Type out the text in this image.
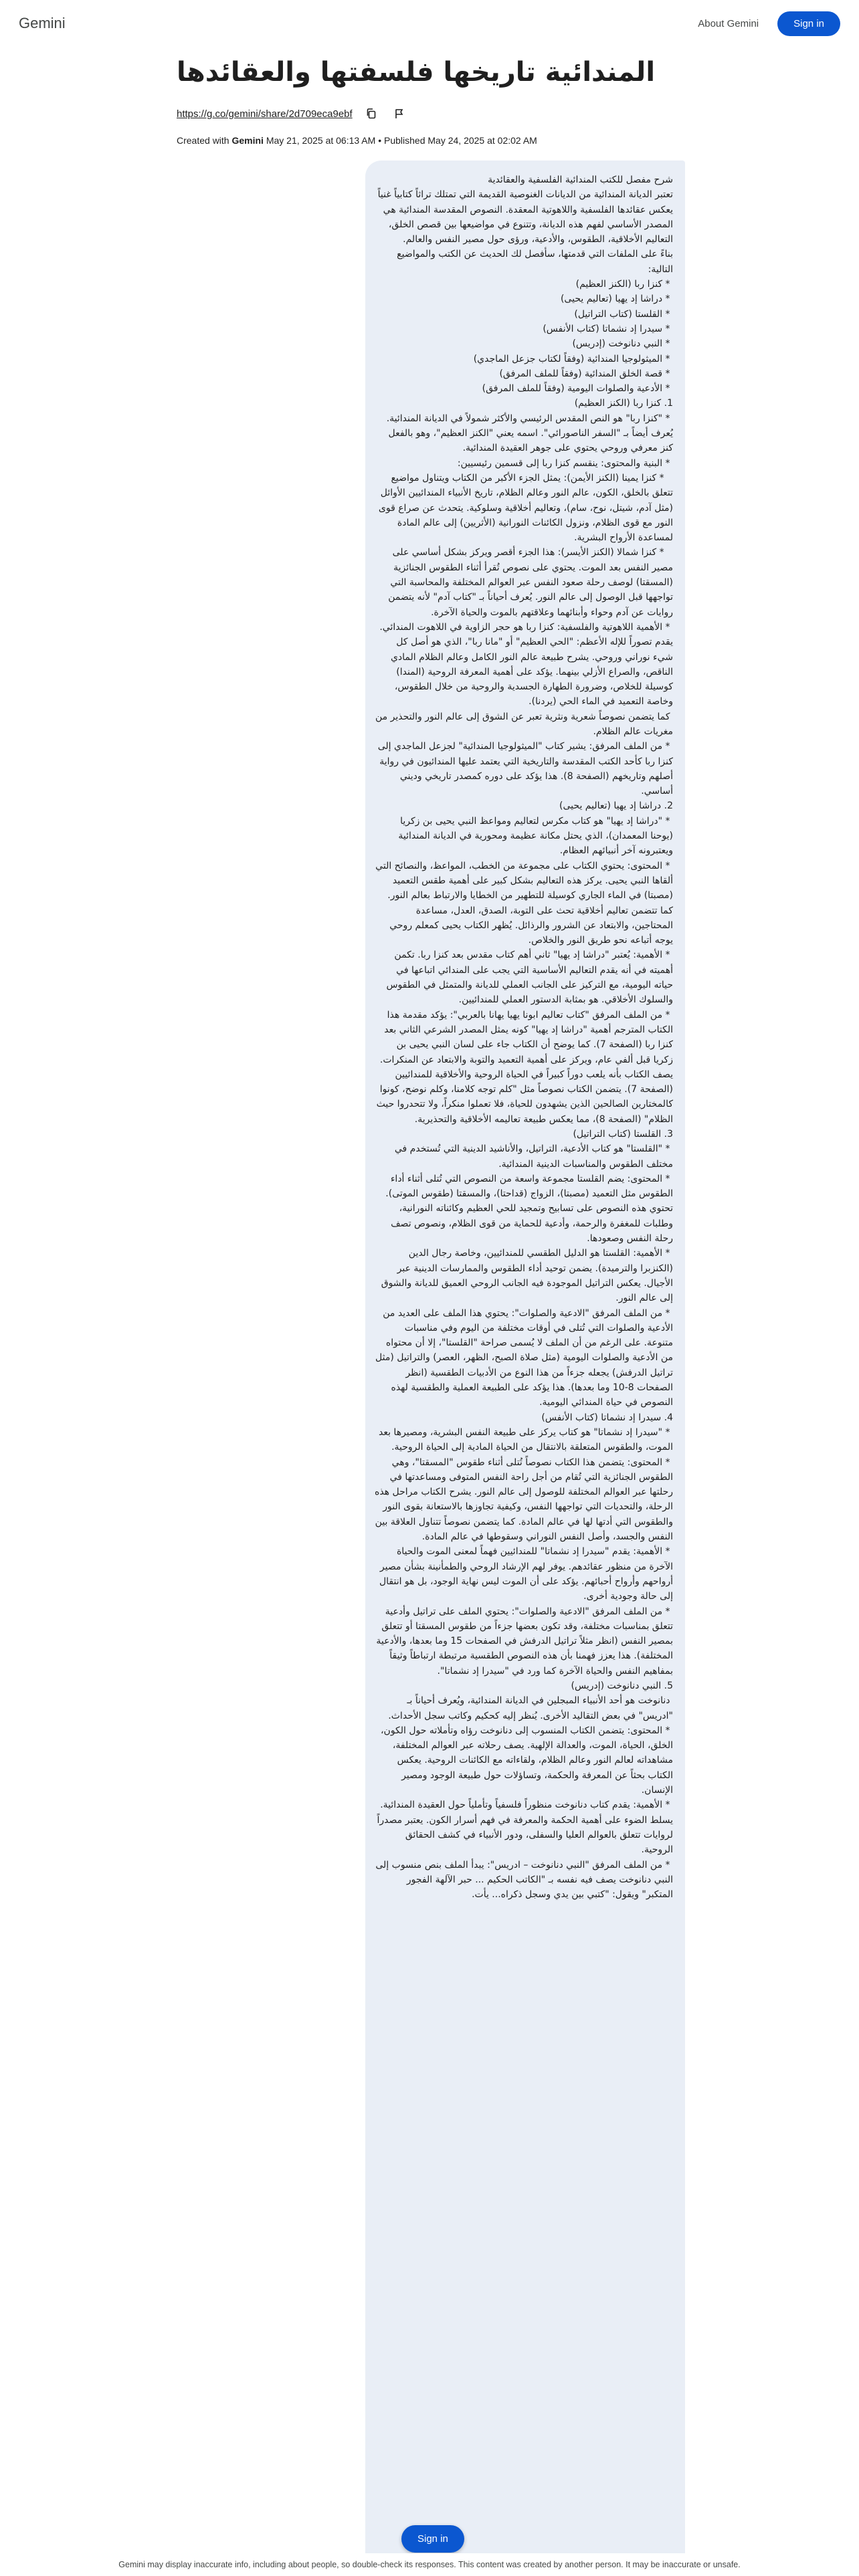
Gemini	About Gemini	Sign in
المندائية تاريخها فلسفتها والعقائدها
https://g.co/gemini/share/2d709eca9ebf
Created with Gemini May 21, 2025 at 06:13 AM • Published May 24, 2025 at 02:02 AM
شرح مفصل للكتب المندائية الفلسفية والعقائدية
تعتبر الديانة المندائية من الديانات الغنوصية القديمة التي تمتلك تراثاً كتابياً غنياً يعكس عقائدها الفلسفية واللاهوتية المعقدة. النصوص المقدسة المندائية هي المصدر الأساسي لفهم هذه الديانة، وتتنوع في مواضيعها بين قصص الخلق، التعاليم الأخلاقية، الطقوس، والأدعية، ورؤى حول مصير النفس والعالم.
بناءً على الملفات التي قدمتها، سأفصل لك الحديث عن الكتب والمواضيع التالية:
* كنزا ربا (الكنز العظيم)
* دراشا إد يهيا (تعاليم يحيى)
* القلستا (كتاب التراتيل)
* سيدرا إد نشماتا (كتاب الأنفس)
* النبي دنانوخت (إدريس)
* الميثولوجيا المندائية (وفقاً لكتاب جزعل الماجدي)
* قصة الخلق المندائية (وفقاً للملف المرفق)
* الأدعية والصلوات اليومية (وفقاً للملف المرفق)
1. كنزا ربا (الكنز العظيم)
* "كنزا ربا" هو النص المقدس الرئيسي والأكثر شمولاً في الديانة المندائية. يُعرف أيضاً بـ "السفر الناصورائي". اسمه يعني "الكنز العظيم"، وهو بالفعل كنز معرفي وروحي يحتوي على جوهر العقيدة المندائية.
* البنية والمحتوى: ينقسم كنزا ربا إلى قسمين رئيسيين:
* كنزا يمينا (الكنز الأيمن): يمثل الجزء الأكبر من الكتاب ويتناول مواضيع تتعلق بالخلق، الكون، عالم النور وعالم الظلام، تاريخ الأنبياء المندائيين الأوائل (مثل آدم، شيتل، نوح، سام)، وتعاليم أخلاقية وسلوكية. يتحدث عن صراع قوى النور مع قوى الظلام، ونزول الكائنات النورانية (الأثريين) إلى عالم المادة لمساعدة الأرواح البشرية.
* كنزا شمالا (الكنز الأيسر): هذا الجزء أقصر ويركز بشكل أساسي على مصير النفس بعد الموت. يحتوي على نصوص تُقرأ أثناء الطقوس الجنائزية (المسقتا) لوصف رحلة صعود النفس عبر العوالم المختلفة والمحاسبة التي تواجهها قبل الوصول إلى عالم النور. يُعرف أحياناً بـ "كتاب آدم" لأنه يتضمن روايات عن آدم وحواء وأبنائهما وعلاقتهم بالموت والحياة الآخرة.
* الأهمية اللاهوتية والفلسفية: كنزا ربا هو حجر الزاوية في اللاهوت المندائي. يقدم تصوراً للإله الأعظم: "الحي العظيم" أو "مانا ربا"، الذي هو أصل كل شيء نوراني وروحي. يشرح طبيعة عالم النور الكامل وعالم الظلام المادي الناقص، والصراع الأزلي بينهما. يؤكد على أهمية المعرفة الروحية (المندا) كوسيلة للخلاص، وضرورة الطهارة الجسدية والروحية من خلال الطقوس، وخاصة التعميد في الماء الحي (يردنا).
كما يتضمن نصوصاً شعرية ونثرية تعبر عن الشوق إلى عالم النور والتحذير من مغريات عالم الظلام.
* من الملف المرفق: يشير كتاب "الميثولوجيا المندائية" لجزعل الماجدي إلى كنزا ربا كأحد الكتب المقدسة والتاريخية التي يعتمد عليها المندائيون في رواية أصلهم وتاريخهم (الصفحة 8). هذا يؤكد على دوره كمصدر تاريخي وديني أساسي.
2. دراشا إد يهيا (تعاليم يحيى)
* "دراشا إد يهيا" هو كتاب مكرس لتعاليم ومواعظ النبي يحيى بن زكريا (يوحنا المعمدان)، الذي يحتل مكانة عظيمة ومحورية في الديانة المندائية ويعتبرونه آخر أنبيائهم العظام.
* المحتوى: يحتوي الكتاب على مجموعة من الخطب، المواعظ، والنصائح التي ألقاها النبي يحيى. يركز هذه التعاليم بشكل كبير على أهمية طقس التعميد (مصبتا) في الماء الجاري كوسيلة للتطهير من الخطايا والارتباط بعالم النور. كما تتضمن تعاليم أخلاقية تحث على التوبة، الصدق، العدل، مساعدة المحتاجين، والابتعاد عن الشرور والرذائل. يُظهر الكتاب يحيى كمعلم روحي يوجه أتباعه نحو طريق النور والخلاص.
* الأهمية: يُعتبر "دراشا إد يهيا" ثاني أهم كتاب مقدس بعد كنزا ربا. تكمن أهميته في أنه يقدم التعاليم الأساسية التي يجب على المندائي اتباعها في حياته اليومية، مع التركيز على الجانب العملي للديانة والمتمثل في الطقوس والسلوك الأخلاقي. هو بمثابة الدستور العملي للمندائيين.
* من الملف المرفق "كتاب تعاليم ابونا يهيا يهانا بالعربي": يؤكد مقدمة هذا الكتاب المترجم أهمية "دراشا إد يهيا" كونه يمثل المصدر الشرعي الثاني بعد كنزا ربا (الصفحة 7). كما يوضح أن الكتاب جاء على لسان النبي يحيى بن زكريا قبل ألفي عام، ويركز على أهمية التعميد والتوبة والابتعاد عن المنكرات. يصف الكتاب بأنه يلعب دوراً كبيراً في الحياة الروحية والأخلاقية للمندائيين (الصفحة 7). يتضمن الكتاب نصوصاً مثل "كلم توجه كلامنا، وكلم نوضح، كونوا كالمختارين الصالحين الذين يشهدون للحياة، فلا تعملوا منكراً، ولا تتحدروا حيث الظلام" (الصفحة 8)، مما يعكس طبيعة تعاليمه الأخلاقية والتحذيرية.
3. القلستا (كتاب التراتيل)
* "القلستا" هو كتاب الأدعية، التراتيل، والأناشيد الدينية التي تُستخدم في مختلف الطقوس والمناسبات الدينية المندائية.
* المحتوى: يضم القلستا مجموعة واسعة من النصوص التي تُتلى أثناء أداء الطقوس مثل التعميد (مصبتا)، الزواج (قداحتا)، والمسقتا (طقوس الموتى). تحتوي هذه النصوص على تسابيح وتمجيد للحي العظيم وكائناته النورانية، وطلبات للمغفرة والرحمة، وأدعية للحماية من قوى الظلام، ونصوص تصف رحلة النفس وصعودها.
* الأهمية: القلستا هو الدليل الطقسي للمندائيين، وخاصة رجال الدين (الكنزبرا والترميدة). يضمن توحيد أداء الطقوس والممارسات الدينية عبر الأجيال. يعكس التراتيل الموجودة فيه الجانب الروحي العميق للديانة والشوق إلى عالم النور.
* من الملف المرفق "الادعية والصلوات": يحتوي هذا الملف على العديد من الأدعية والصلوات التي تُتلى في أوقات مختلفة من اليوم وفي مناسبات متنوعة. على الرغم من أن الملف لا يُسمى صراحة "القلستا"، إلا أن محتواه من الأدعية والصلوات اليومية (مثل صلاة الصبح، الظهر، العصر) والتراتيل (مثل تراتيل الدرفش) يجعله جزءاً من هذا النوع من الأدبيات الطقسية (انظر الصفحات 8-10 وما بعدها). هذا يؤكد على الطبيعة العملية والطقسية لهذه النصوص في حياة المندائي اليومية.
4. سيدرا إد نشماتا (كتاب الأنفس)
* "سيدرا إد نشماتا" هو كتاب يركز على طبيعة النفس البشرية، ومصيرها بعد الموت، والطقوس المتعلقة بالانتقال من الحياة المادية إلى الحياة الروحية.
* المحتوى: يتضمن هذا الكتاب نصوصاً تُتلى أثناء طقوس "المسقتا"، وهي الطقوس الجنائزية التي تُقام من أجل راحة النفس المتوفى ومساعدتها في رحلتها عبر العوالم المختلفة للوصول إلى عالم النور. يشرح الكتاب مراحل هذه الرحلة، والتحديات التي تواجهها النفس، وكيفية تجاوزها بالاستعانة بقوى النور والطقوس التي أدتها لها في عالم المادة. كما يتضمن نصوصاً تتناول العلاقة بين النفس والجسد، وأصل النفس النوراني وسقوطها في عالم المادة.
* الأهمية: يقدم "سيدرا إد نشماتا" للمندائيين فهماً لمعنى الموت والحياة الآخرة من منظور عقائدهم. يوفر لهم الإرشاد الروحي والطمأنينة بشأن مصير أرواحهم وأرواح أحبائهم. يؤكد على أن الموت ليس نهاية الوجود، بل هو انتقال إلى حالة وجودية أخرى.
* من الملف المرفق "الادعية والصلوات": يحتوي الملف على تراتيل وأدعية تتعلق بمناسبات مختلفة، وقد تكون بعضها جزءاً من طقوس المسقتا أو تتعلق بمصير النفس (انظر مثلاً تراتيل الدرفش في الصفحات 15 وما بعدها، والأدعية المختلفة). هذا يعزز فهمنا بأن هذه النصوص الطقسية مرتبطة ارتباطاً وثيقاً بمفاهيم النفس والحياة الآخرة كما ورد في "سيدرا إد نشماتا".
5. النبي دنانوخت (إدريس)
دنانوخت هو أحد الأنبياء المبجلين في الديانة المندائية، ويُعرف أحياناً بـ "ادريس" في بعض التقاليد الأخرى. يُنظر إليه كحكيم وكاتب سجل الأحداث.
* المحتوى: يتضمن الكتاب المنسوب إلى دنانوخت رؤاه وتأملاته حول الكون، الخلق، الحياة، الموت، والعدالة الإلهية. يصف رحلاته عبر العوالم المختلفة، مشاهداته لعالم النور وعالم الظلام، ولقاءاته مع الكائنات الروحية. يعكس الكتاب بحثاً عن المعرفة والحكمة، وتساؤلات حول طبيعة الوجود ومصير الإنسان.
* الأهمية: يقدم كتاب دنانوخت منظوراً فلسفياً وتأملياً حول العقيدة المندائية. يسلط الضوء على أهمية الحكمة والمعرفة في فهم أسرار الكون. يعتبر مصدراً لروايات تتعلق بالعوالم العليا والسفلى، ودور الأنبياء في كشف الحقائق الروحية.
* من الملف المرفق "النبي دنانوخت – ادريس": يبدأ الملف بنص منسوب إلى النبي دنانوخت يصف فيه نفسه بـ "الكاتب الحكيم ... حبر الآلهة الفجور المتكبر" ويقول: "كتبي بين يدي وسجل ذكراه... يأت.
Sign in
Gemini may display inaccurate info, including about people, so double-check its responses. This content was created by another person. It may be inaccurate or unsafe.
